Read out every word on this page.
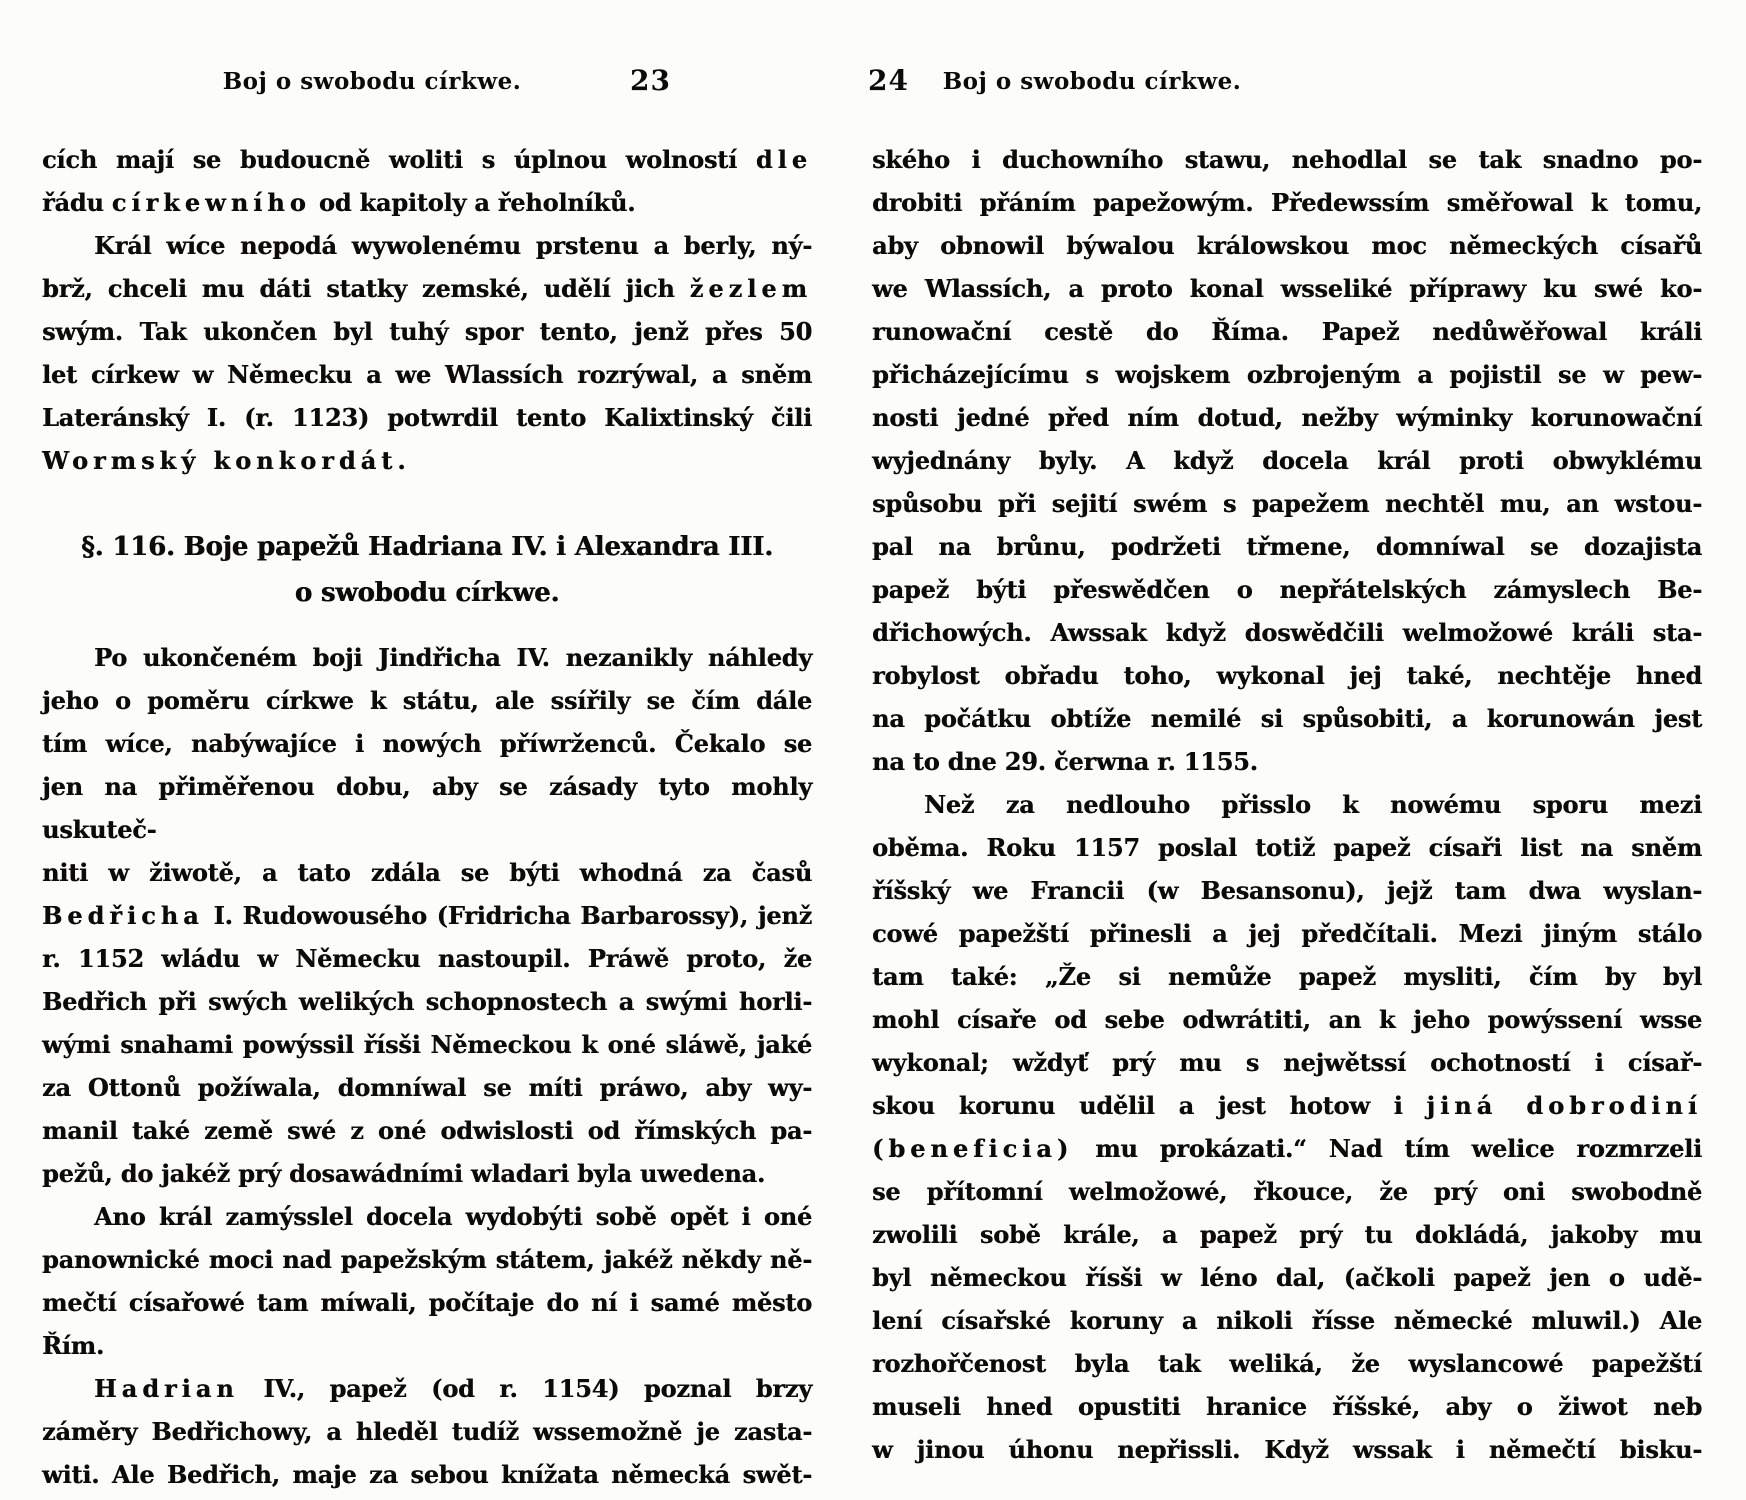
Boj o swobodu církwe.	23
cích mají se budoucně woliti s úplnou wolností dle
řádu církewního od kapitoly a řeholníků.
Král wíce nepodá wywolenému prstenu a berly, ný-
brž, chceli mu dáti statky zemské, udělí jich žezlem
swým. Tak ukončen byl tuhý spor tento, jenž přes 50
let církew w Německu a we Wlassích rozrýwal, a sněm
Lateránský I. (r. 1123) potwrdil tento Kalixtinský čili
Wormský konkordát.
§. 116. Boje papežů Hadriana IV. i Alexandra III.
o swobodu církwe.
Po ukončeném boji Jindřicha IV. nezanikly náhledy
jeho o poměru církwe k státu, ale ssířily se čím dále
tím wíce, nabýwajíce i nowých příwrženců. Čekalo se
jen na přiměřenou dobu, aby se zásady tyto mohly uskuteč-
niti w žiwotě, a tato zdála se býti whodná za časů
Bedřicha I. Rudowousého (Fridricha Barbarossy), jenž
r. 1152 wládu w Německu nastoupil. Práwě proto, že
Bedřich při swých welikých schopnostech a swými horli-
wými snahami powýssil řísši Německou k oné sláwě, jaké
za Ottonů požíwala, domníwal se míti práwo, aby wy-
manil také země swé z oné odwislosti od římských pa-
pežů, do jakéž prý dosawádními wladari byla uwedena.
Ano král zamýsslel docela wydobýti sobě opět i oné
panownické moci nad papežským státem, jakéž někdy ně-
mečtí císařowé tam míwali, počítaje do ní i samé město
Řím.
Hadrian IV., papež (od r. 1154) poznal brzy
záměry Bedřichowy, a hleděl tudíž wssemožně je zasta-
witi. Ale Bedřich, maje za sebou knížata německá swět-
24	Boj o swobodu církwe.
ského i duchowního stawu, nehodlal se tak snadno po-
drobiti přáním papežowým. Předewssím směřowal k tomu,
aby obnowil býwalou králowskou moc německých císařů
we Wlassích, a proto konal wsseliké příprawy ku swé ko-
runowační cestě do Říma. Papež nedůwěřowal králi
přicházejícímu s wojskem ozbrojeným a pojistil se w pew-
nosti jedné před ním dotud, nežby wýminky korunowační
wyjednány byly. A když docela král proti obwyklému
spůsobu při sejití swém s papežem nechtěl mu, an wstou-
pal na brůnu, podržeti třmene, domníwal se dozajista
papež býti přeswědčen o nepřátelských zámyslech Be-
dřichowých. Awssak když doswědčili welmožowé králi sta-
robylost obřadu toho, wykonal jej také, nechtěje hned
na počátku obtíže nemilé si spůsobiti, a korunowán jest
na to dne 29. čerwna r. 1155.
Než za nedlouho přisslo k nowému sporu mezi
oběma. Roku 1157 poslal totiž papež císaři list na sněm
říšský we Francii (w Besansonu), jejž tam dwa wyslan-
cowé papežští přinesli a jej předčítali. Mezi jiným stálo
tam také: „Že si nemůže papež mysliti, čím by byl
mohl císaře od sebe odwrátiti, an k jeho powýssení wsse
wykonal; wždyť prý mu s nejwětssí ochotností i císař-
skou korunu udělil a jest hotow i jiná dobrodiní
(beneficia) mu prokázati.“ Nad tím welice rozmrzeli
se přítomní welmožowé, řkouce, že prý oni swobodně
zwolili sobě krále, a papež prý tu dokládá, jakoby mu
byl německou řísši w léno dal, (ačkoli papež jen o udě-
lení císařské koruny a nikoli řísse německé mluwil.) Ale
rozhořčenost byla tak weliká, že wyslancowé papežští
museli hned opustiti hranice říšské, aby o žiwot neb
w jinou úhonu nepřissli. Když wssak i němečtí bisku-
